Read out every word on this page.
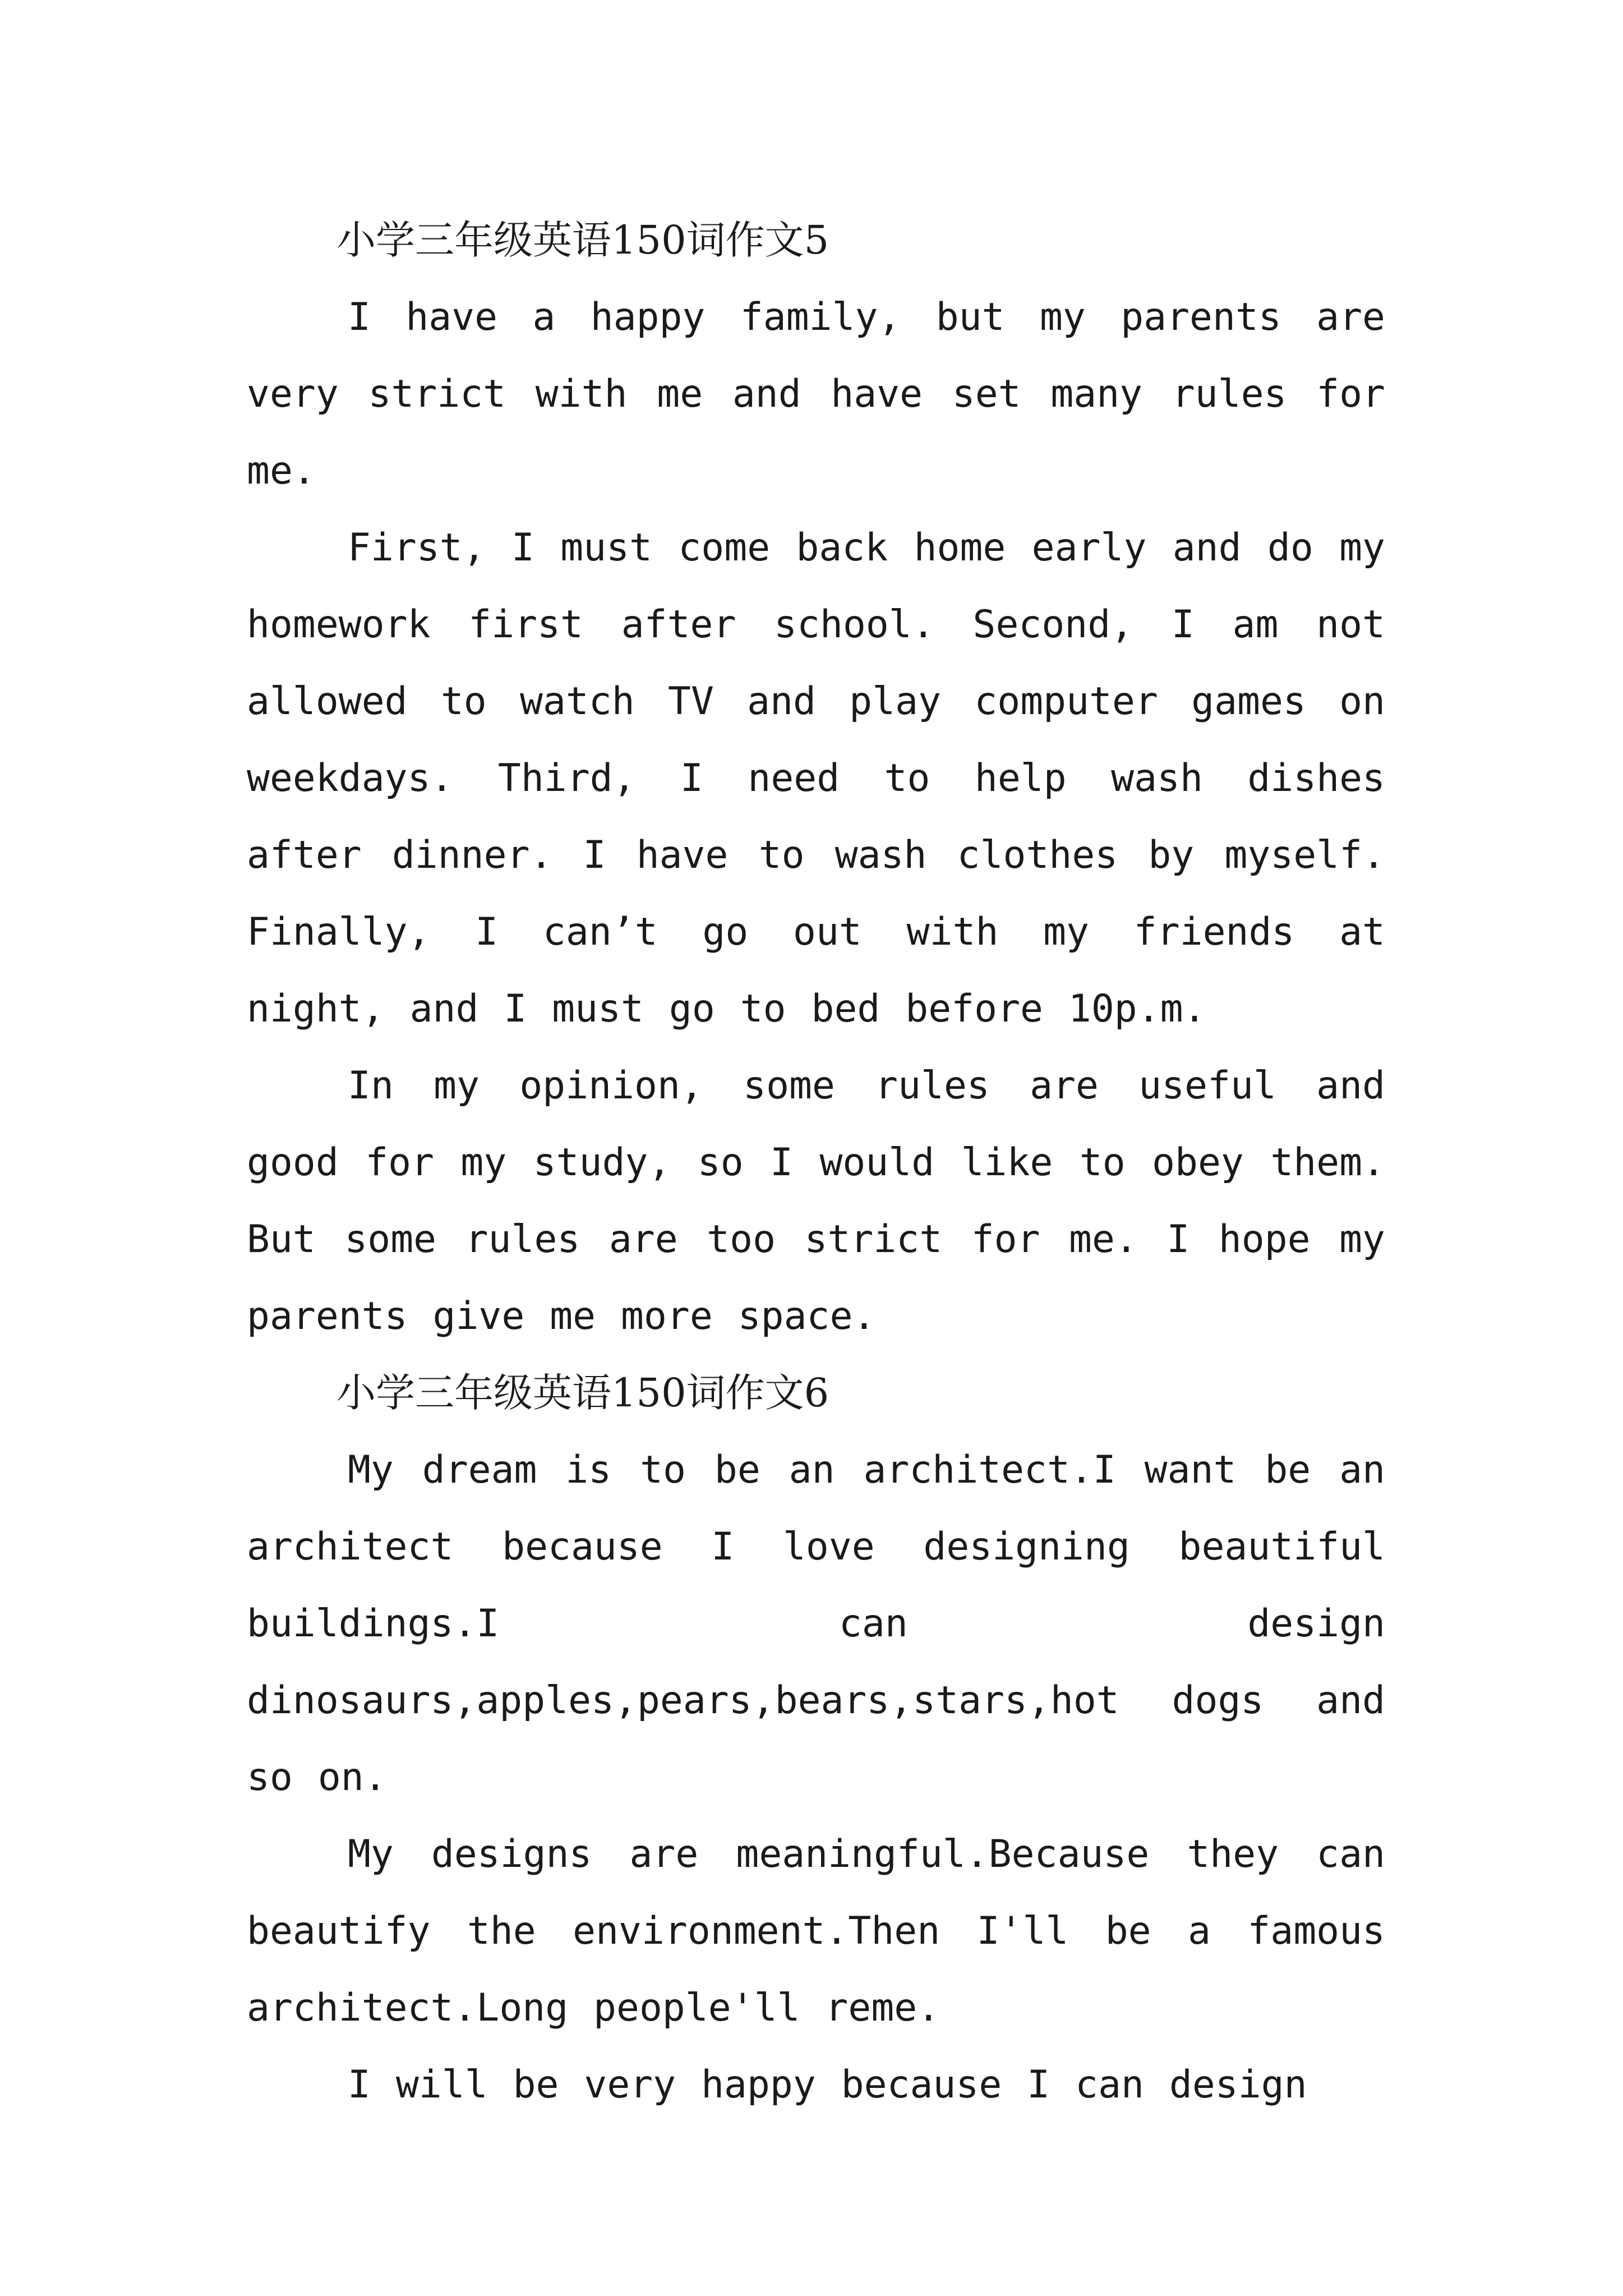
小学三年级英语150词作文5

I have a happy family, but my parents are very strict with me and have set many rules for me.

First, I must come back home early and do my homework first after school. Second, I am not allowed to watch TV and play computer games on weekdays. Third, I need to help wash dishes after dinner. I have to wash clothes by myself. Finally, I can’t go out with my friends at night, and I must go to bed before 10p.m.

In my opinion, some rules are useful and good for my study, so I would like to obey them. But some rules are too strict for me. I hope my parents give me more space.

小学三年级英语150词作文6

My dream is to be an architect.I want be an architect because I love designing beautiful buildings.I can design dinosaurs,apples,pears,bears,stars,hot dogs and so on.

My designs are meaningful.Because they can beautify the environment.Then I'll be a famous architect.Long people'll reme.

I will be very happy because I can design
